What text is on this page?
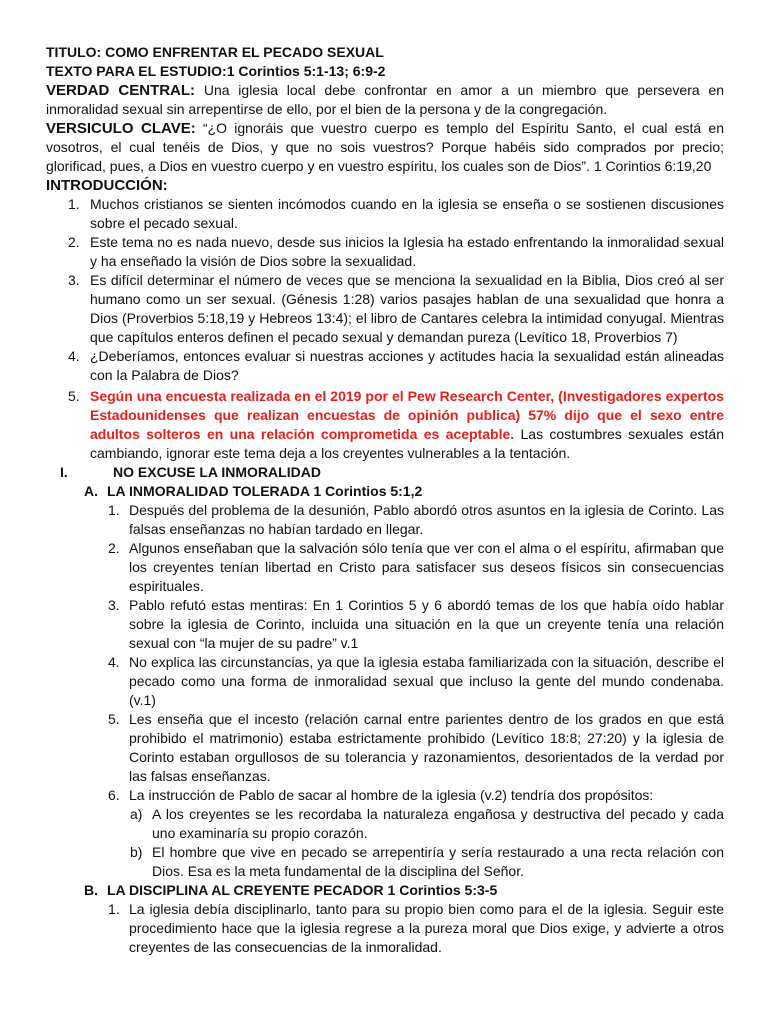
TITULO: COMO ENFRENTAR EL PECADO SEXUAL

TEXTO PARA EL ESTUDIO:1 Corintios 5:1-13; 6:9-2

VERDAD CENTRAL: Una iglesia local debe confrontar en amor a un miembro que persevera en inmoralidad sexual sin arrepentirse de ello, por el bien de la persona y de la congregación.

VERSICULO CLAVE: “¿O ignoráis que vuestro cuerpo es templo del Espíritu Santo, el cual está en vosotros, el cual tenéis de Dios, y que no sois vuestros? Porque habéis sido comprados por precio; glorificad, pues, a Dios en vuestro cuerpo y en vuestro espíritu, los cuales son de Dios”. 1 Corintios 6:19,20

INTRODUCCIÓN:

1. Muchos cristianos se sienten incómodos cuando en la iglesia se enseña o se sostienen discusiones sobre el pecado sexual.

2. Este tema no es nada nuevo, desde sus inicios la Iglesia ha estado enfrentando la inmoralidad sexual y ha enseñado la visión de Dios sobre la sexualidad.

3. Es difícil determinar el número de veces que se menciona la sexualidad en la Biblia, Dios creó al ser humano como un ser sexual. (Génesis 1:28) varios pasajes hablan de una sexualidad que honra a Dios (Proverbios 5:18,19 y Hebreos 13:4); el libro de Cantares celebra la intimidad conyugal. Mientras que capítulos enteros definen el pecado sexual y demandan pureza (Levítico 18, Proverbios 7)

4. ¿Deberíamos, entonces evaluar si nuestras acciones y actitudes hacia la sexualidad están alineadas con la Palabra de Dios?

5. Según una encuesta realizada en el 2019 por el Pew Research Center, (Investigadores expertos Estadounidenses que realizan encuestas de opinión publica) 57% dijo que el sexo entre adultos solteros en una relación comprometida es aceptable. Las costumbres sexuales están cambiando, ignorar este tema deja a los creyentes vulnerables a la tentación.

I.	NO EXCUSE LA INMORALIDAD

A. LA INMORALIDAD TOLERADA 1 Corintios 5:1,2

1. Después del problema de la desunión, Pablo abordó otros asuntos en la iglesia de Corinto. Las falsas enseñanzas no habían tardado en llegar.

2. Algunos enseñaban que la salvación sólo tenía que ver con el alma o el espíritu, afirmaban que los creyentes tenían libertad en Cristo para satisfacer sus deseos físicos sin consecuencias espirituales.

3. Pablo refutó estas mentiras: En 1 Corintios 5 y 6 abordó temas de los que había oído hablar sobre la iglesia de Corinto, incluida una situación en la que un creyente tenía una relación sexual con “la mujer de su padre” v.1

4. No explica las circunstancias, ya que la iglesia estaba familiarizada con la situación, describe el pecado como una forma de inmoralidad sexual que incluso la gente del mundo condenaba. (v.1)

5. Les enseña que el incesto (relación carnal entre parientes dentro de los grados en que está prohibido el matrimonio) estaba estrictamente prohibido (Levítico 18:8; 27:20) y la iglesia de Corinto estaban orgullosos de su tolerancia y razonamientos, desorientados de la verdad por las falsas enseñanzas.

6. La instrucción de Pablo de sacar al hombre de la iglesia (v.2) tendría dos propósitos:

a) A los creyentes se les recordaba la naturaleza engañosa y destructiva del pecado y cada uno examinaría su propio corazón.

b) El hombre que vive en pecado se arrepentiría y sería restaurado a una recta relación con Dios. Esa es la meta fundamental de la disciplina del Señor.

B. LA DISCIPLINA AL CREYENTE PECADOR 1 Corintios 5:3-5

1. La iglesia debía disciplinarlo, tanto para su propio bien como para el de la iglesia. Seguir este procedimiento hace que la iglesia regrese a la pureza moral que Dios exige, y advierte a otros creyentes de las consecuencias de la inmoralidad.
